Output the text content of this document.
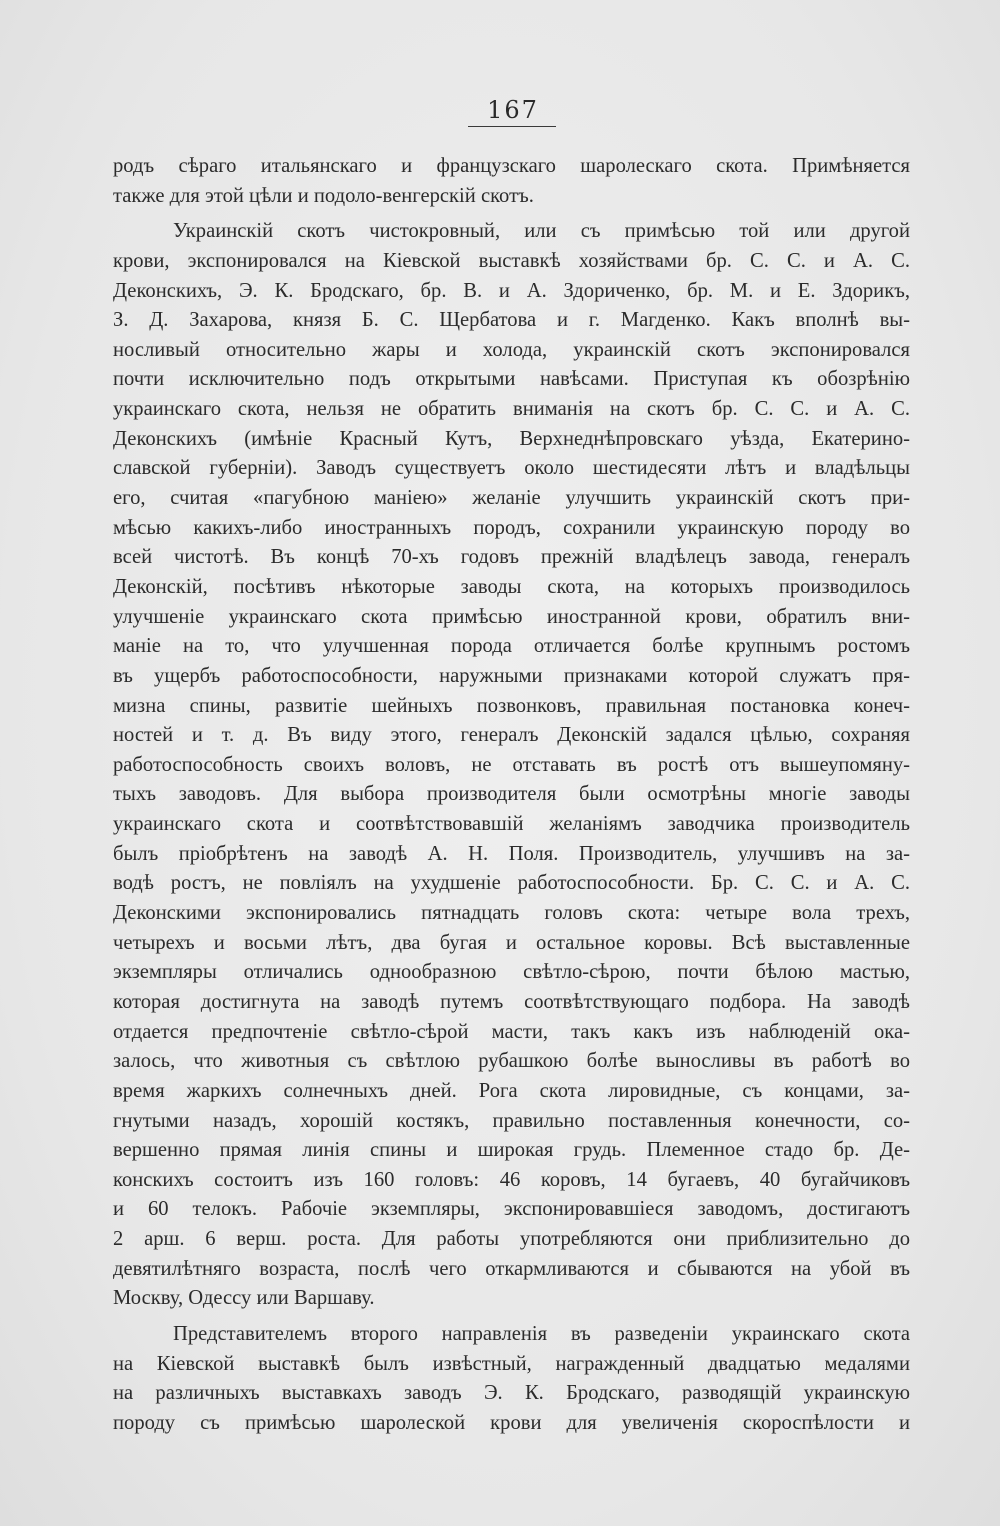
167
родъ сѣраго итальянскаго и французскаго шаролескаго скота. Примѣняется
также для этой цѣли и подоло-венгерскій скотъ.
Украинскій скотъ чистокровный, или съ примѣсью той или другой
крови, экспонировался на Кіевской выставкѣ хозяйствами бр. С. С. и А. С.
Деконскихъ, Э. К. Бродскаго, бр. В. и А. Здориченко, бр. М. и Е. Здорикъ,
З. Д. Захарова, князя Б. С. Щербатова и г. Магденко. Какъ вполнѣ вы-
носливый относительно жары и холода, украинскій скотъ экспонировался
почти исключительно подъ открытыми навѣсами. Приступая къ обозрѣнію
украинскаго скота, нельзя не обратить вниманія на скотъ бр. С. С. и А. С.
Деконскихъ (имѣніе Красный Кутъ, Верхнеднѣпровскаго уѣзда, Екатерино-
славской губерніи). Заводъ существуетъ около шестидесяти лѣтъ и владѣльцы
его, считая «пагубною маніею» желаніе улучшить украинскій скотъ при-
мѣсью какихъ-либо иностранныхъ породъ, сохранили украинскую породу во
всей чистотѣ. Въ концѣ 70-хъ годовъ прежній владѣлецъ завода, генералъ
Деконскій, посѣтивъ нѣкоторые заводы скота, на которыхъ производилось
улучшеніе украинскаго скота примѣсью иностранной крови, обратилъ вни-
маніе на то, что улучшенная порода отличается болѣе крупнымъ ростомъ
въ ущербъ работоспособности, наружными признаками которой служатъ пря-
мизна спины, развитіе шейныхъ позвонковъ, правильная постановка конеч-
ностей и т. д. Въ виду этого, генералъ Деконскій задался цѣлью, сохраняя
работоспособность своихъ воловъ, не отставать въ ростѣ отъ вышеупомяну-
тыхъ заводовъ. Для выбора производителя были осмотрѣны многіе заводы
украинскаго скота и соотвѣтствовавшій желаніямъ заводчика производитель
былъ пріобрѣтенъ на заводѣ А. Н. Поля. Производитель, улучшивъ на за-
водѣ ростъ, не повліялъ на ухудшеніе работоспособности. Бр. С. С. и А. С.
Деконскими экспонировались пятнадцать головъ скота: четыре вола трехъ,
четырехъ и восьми лѣтъ, два бугая и остальное коровы. Всѣ выставленные
экземпляры отличались однообразною свѣтло-сѣрою, почти бѣлою мастью,
которая достигнута на заводѣ путемъ соотвѣтствующаго подбора. На заводѣ
отдается предпочтеніе свѣтло-сѣрой масти, такъ какъ изъ наблюденій ока-
залось, что животныя съ свѣтлою рубашкою болѣе выносливы въ работѣ во
время жаркихъ солнечныхъ дней. Рога скота лировидные, съ концами, за-
гнутыми назадъ, хорошій костякъ, правильно поставленныя конечности, со-
вершенно прямая линія спины и широкая грудь. Племенное стадо бр. Де-
конскихъ состоитъ изъ 160 головъ: 46 коровъ, 14 бугаевъ, 40 бугайчиковъ
и 60 телокъ. Рабочіе экземпляры, экспонировавшіеся заводомъ, достигаютъ
2 арш. 6 верш. роста. Для работы употребляются они приблизительно до
девятилѣтняго возраста, послѣ чего откармливаются и сбываются на убой въ
Москву, Одессу или Варшаву.
Представителемъ второго направленія въ разведеніи украинскаго скота
на Кіевской выставкѣ былъ извѣстный, награжденный двадцатью медалями
на различныхъ выставкахъ заводъ Э. К. Бродскаго, разводящій украинскую
породу съ примѣсью шаролеской крови для увеличенія скороспѣлости и
